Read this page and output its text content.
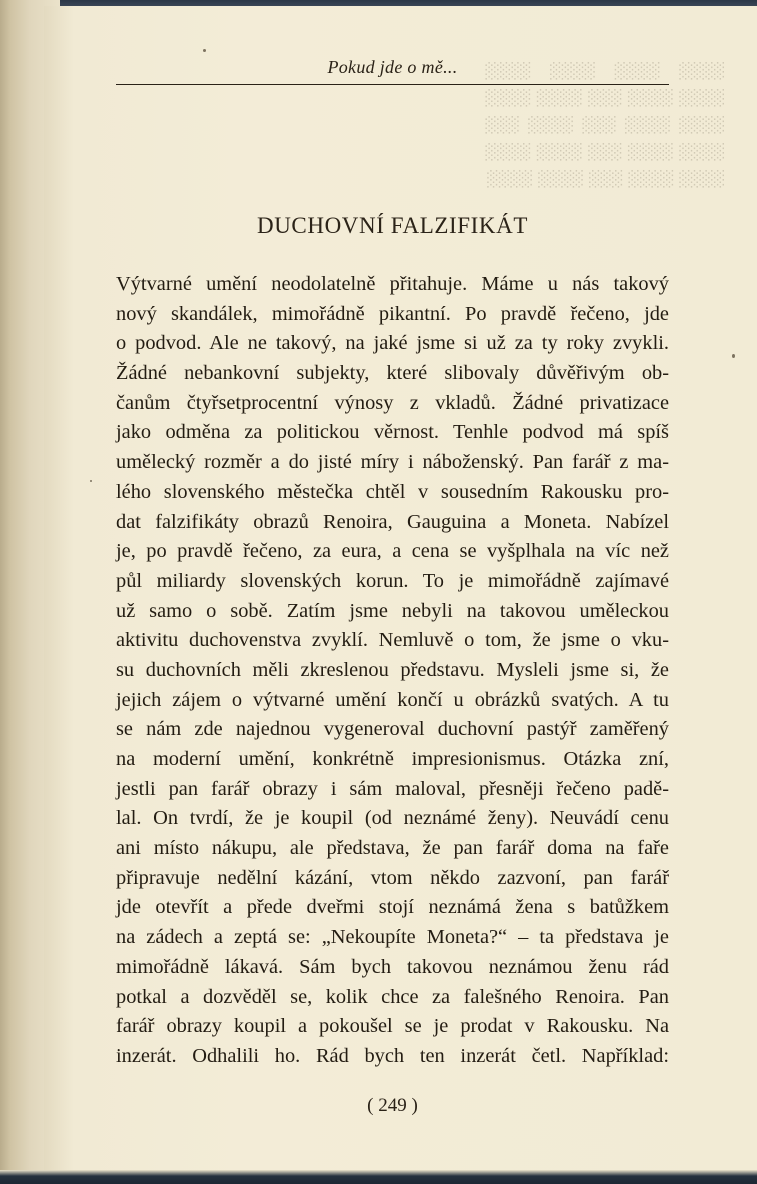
░░░░ ░░░░ ░░░░ ░░░░ ░░░░ ░░░░ ░░░ ░░░░ ░░░░ ░░░░ ░░░░ ░░░ ░░░░ ░░░ ░░░░ ░░░░ ░░░ ░░░░ ░░░░ ░░░░ ░░░░ ░░░ ░░░░ ░░░░
Pokud jde o mě...
DUCHOVNÍ FALZIFIKÁT
Výtvarné umění neodolatelně přitahuje. Máme u nás takový
nový skandálek, mimořádně pikantní. Po pravdě řečeno, jde
o podvod. Ale ne takový, na jaké jsme si už za ty roky zvykli.
Žádné nebankovní subjekty, které slibovaly důvěřivým ob-
čanům čtyřsetprocentní výnosy z vkladů. Žádné privatizace
jako odměna za politickou věrnost. Tenhle podvod má spíš
umělecký rozměr a do jisté míry i náboženský. Pan farář z ma-
lého slovenského městečka chtěl v sousedním Rakousku pro-
dat falzifikáty obrazů Renoira, Gauguina a Moneta. Nabízel
je, po pravdě řečeno, za eura, a cena se vyšplhala na víc než
půl miliardy slovenských korun. To je mimořádně zajímavé
už samo o sobě. Zatím jsme nebyli na takovou uměleckou
aktivitu duchovenstva zvyklí. Nemluvě o tom, že jsme o vku-
su duchovních měli zkreslenou představu. Mysleli jsme si, že
jejich zájem o výtvarné umění končí u obrázků svatých. A tu
se nám zde najednou vygeneroval duchovní pastýř zaměřený
na moderní umění, konkrétně impresionismus. Otázka zní,
jestli pan farář obrazy i sám maloval, přesněji řečeno padě-
lal. On tvrdí, že je koupil (od neznámé ženy). Neuvádí cenu
ani místo nákupu, ale představa, že pan farář doma na faře
připravuje nedělní kázání, vtom někdo zazvoní, pan farář
jde otevřít a přede dveřmi stojí neznámá žena s batůžkem
na zádech a zeptá se: „Nekoupíte Moneta?“ – ta představa je
mimořádně lákavá. Sám bych takovou neznámou ženu rád
potkal a dozvěděl se, kolik chce za falešného Renoira. Pan
farář obrazy koupil a pokoušel se je prodat v Rakousku. Na
inzerát. Odhalili ho. Rád bych ten inzerát četl. Například:
( 249 )
